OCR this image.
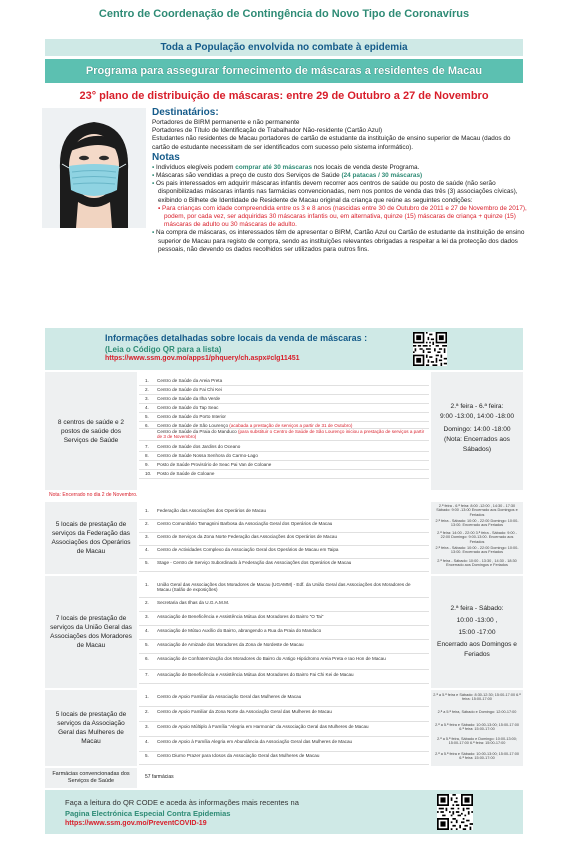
Centro de Coordenação de Contingência do Novo Tipo de Coronavírus
Toda a População envolvida no combate à epidemia
Programa para assegurar fornecimento de máscaras a residentes de Macau
23° plano de distribuição de máscaras: entre 29 de Outubro a 27 de Novembro
Destinatários:
Portadores de BIRM permanente e não permanente
Portadores de Título de Identificação de Trabalhador Não-residente (Cartão Azul)
Estudantes não residentes de Macau portadores de cartão de estudante da instituição de ensino superior de Macau (dados do cartão de estudante necessitam de ser identificados com sucesso pelo sistema informático).
Notas
▪ Indivíduos elegíveis podem comprar até 30 máscaras nos locais de venda deste Programa.
▪ Máscaras são vendidas a preço de custo dos Serviços de Saúde (24 patacas / 30 máscaras)
▪ Os pais interessados em adquirir máscaras infantis devem recorrer aos centros de saúde ou posto de saúde (não serão disponibilizadas máscaras infantis nas farmácias convencionadas, nem nos pontos de venda das três (3) associações cívicas), exibindo o Bilhete de Identidade de Residente de Macau original da criança que reúne as seguintes condições:
▪ Para crianças com idade compreendida entre os 3 e 8 anos (nascidas entre 30 de Outubro de 2011 e 27 de Novembro de 2017), podem, por cada vez, ser adquiridas 30 máscaras infantis ou, em alternativa, quinze (15) máscaras de criança + quinze (15) máscaras de adulto ou 30 máscaras de adulto.
▪ Na compra de máscaras, os interessados têm de apresentar o BIRM, Cartão Azul ou Cartão de estudante da instituição de ensino superior de Macau para registo de compra, sendo as instituições relevantes obrigadas a respeitar a lei da protecção dos dados pessoais, não devendo os dados recolhidos ser utilizados para outros fins.
Informações detalhadas sobre locais da venda de máscaras :
(Leia o Código QR para a lista)
https://www.ssm.gov.mo/apps1/phquery/ch.aspx#clg11451
8 centros de saúde e 2 postos de saúde dos Serviços de Saúde
1. Centro de Saúde da Areia Preta
2. Centro de Saúde do Fai Chi Kei
3. Centro de Saúde da Ilha Verde
4. Centro de Saúde do Tap Seac
5. Centro de Saúde do Porto Interior
6. Centro de Saúde de São Lourenço (acabada a prestação de serviços a partir de 31 de Outubro)
Centro de Saúde da Praia do Manduco (para substituir o Centro de Saúde de São Lourenço iniciou a prestação de serviços a partir de 3 de Novembro)
7. Centro de Saúde dos Jardins do Oceano
8. Centro de Saúde Nossa Senhora do Carmo-Lago
9. Posto de Saúde Provisório de Seac Pai Van de Coloane
10. Posto de Saúde de Coloane
2.ª feira - 6.ª feira:
9:00 -13:00, 14:00 -18:00
Domingo: 14:00 -18:00
(Nota: Encerrados aos Sábados)
Nota: Encerrado no dia 2 de Novembro.
5 locais de prestação de serviços da Federação das Associações dos Operários de Macau
1. Federação das Associações dos Operários de Macau
2. Centro Comunitário Tamagnini Barbosa da Associação Geral dos Operários de Macau
3. Centro de Serviços da Zona Norte Federação das Associações dos Operários de Macau
4. Centro de Actividades Complexo da Associação Geral dos Operários de Macau em Taipa
5. Stage - Centro de Serviço Subordinado à Federação das Associações dos Operários de Macau
2.ª feira - 6.ª feira: 8:00 -12:00 , 14:30 - 17:30 Sábado: 9:00 -13:00 Encerrado aos Domingos e Feriados
2.ª feira - Sábado: 10:00 - 22:00 Domingo: 10:00-13:00. Encerrado aos Feriados
2.ª feira: 14:00 - 22:00 3.ª feira - Sábado: 9:00 - 22:00 Domingo: 9:00-13:00. Encerrado aos Feriados
2.ª feira - Sábado: 10:00 - 22:00 Domingo: 10:00-13:00. Encerrado aos Feriados
2.ª feira - Sábado: 10:00 - 13:30 , 14:30 - 18:30 Encerrado aos Domingos e Feriados
7 locais de prestação de serviços da União Geral das Associações dos Moradores de Macau
1. União Geral das Associações dos Moradores de Macau (UGAMM) - Edf. da União Geral das Associações dos Moradores de Macau (Salão de exposições)
2. Secretaria das Ilhas da U.G.A.M.M.
3. Associação de Beneficência e Assistência Mútua dos Moradores do Bairro “O Tai”
4. Associação de Mútuo Auxílio do Bairro, abrangendo a Rua da Praia do Manduco
5. Associação de Amizade dos Moradores da Zona de Nordeste de Macau
6. Associação de Confraternização dos Moradores do Bairro do Antigo Hipódromo Areia Preta e Iao Hon de Macau
7. Associação de Beneficência e Assistência Mútua dos Moradores do Bairro Fai Chi Kei de Macau
2.ª feira - Sábado:
10:00 -13:00 ,
15:00 -17:00
Encerrado aos Domingos e Feriados
5 locais de prestação de serviços da Associação Geral das Mulheres de Macau
1. Centro de Apoio Familiar da Associação Geral das Mulheres de Macau
2. Centro de Apoio Familiar da Zona Norte da Associação Geral das Mulheres de Macau
3. Centro de Apoio Múltiplo à Família "Alegria em Harmonia" da Associação Geral das Mulheres de Macau
4. Centro de Apoio à Família Alegria em Abundância da Associação Geral das Mulheres de Macau
5. Centro Diurno Prazer para Idosos da Associação Geral das Mulheres de Macau
2.ª a 5.ª feira e Sábado: 8:30-12:30; 15:00-17:00 6.ª feira: 15:00-17:00
2.ª a 5.ª feira, Sábado e Domingo: 12:00-17:00
2.ª a 5.ª feira e Sábado: 10:00-13:00; 15:00-17:00 6.ª feira: 15:00-17:00
2.ª a 5.ª feira, Sábado e Domingo: 10:00-13:00; 15:00-17:00 6.ª feira: 15:00-17:00
2.ª a 5.ª feira e Sábado: 10:00-13:00; 15:00-17:00 6.ª feira: 15:00-17:00
Farmácias convencionadas dos Serviços de Saúde
57 farmácias
Faça a leitura do QR CODE e aceda às informações mais recentes na
Pagina Electrónica Especial Contra Epidemias
https://www.ssm.gov.mo/PreventCOVID-19
